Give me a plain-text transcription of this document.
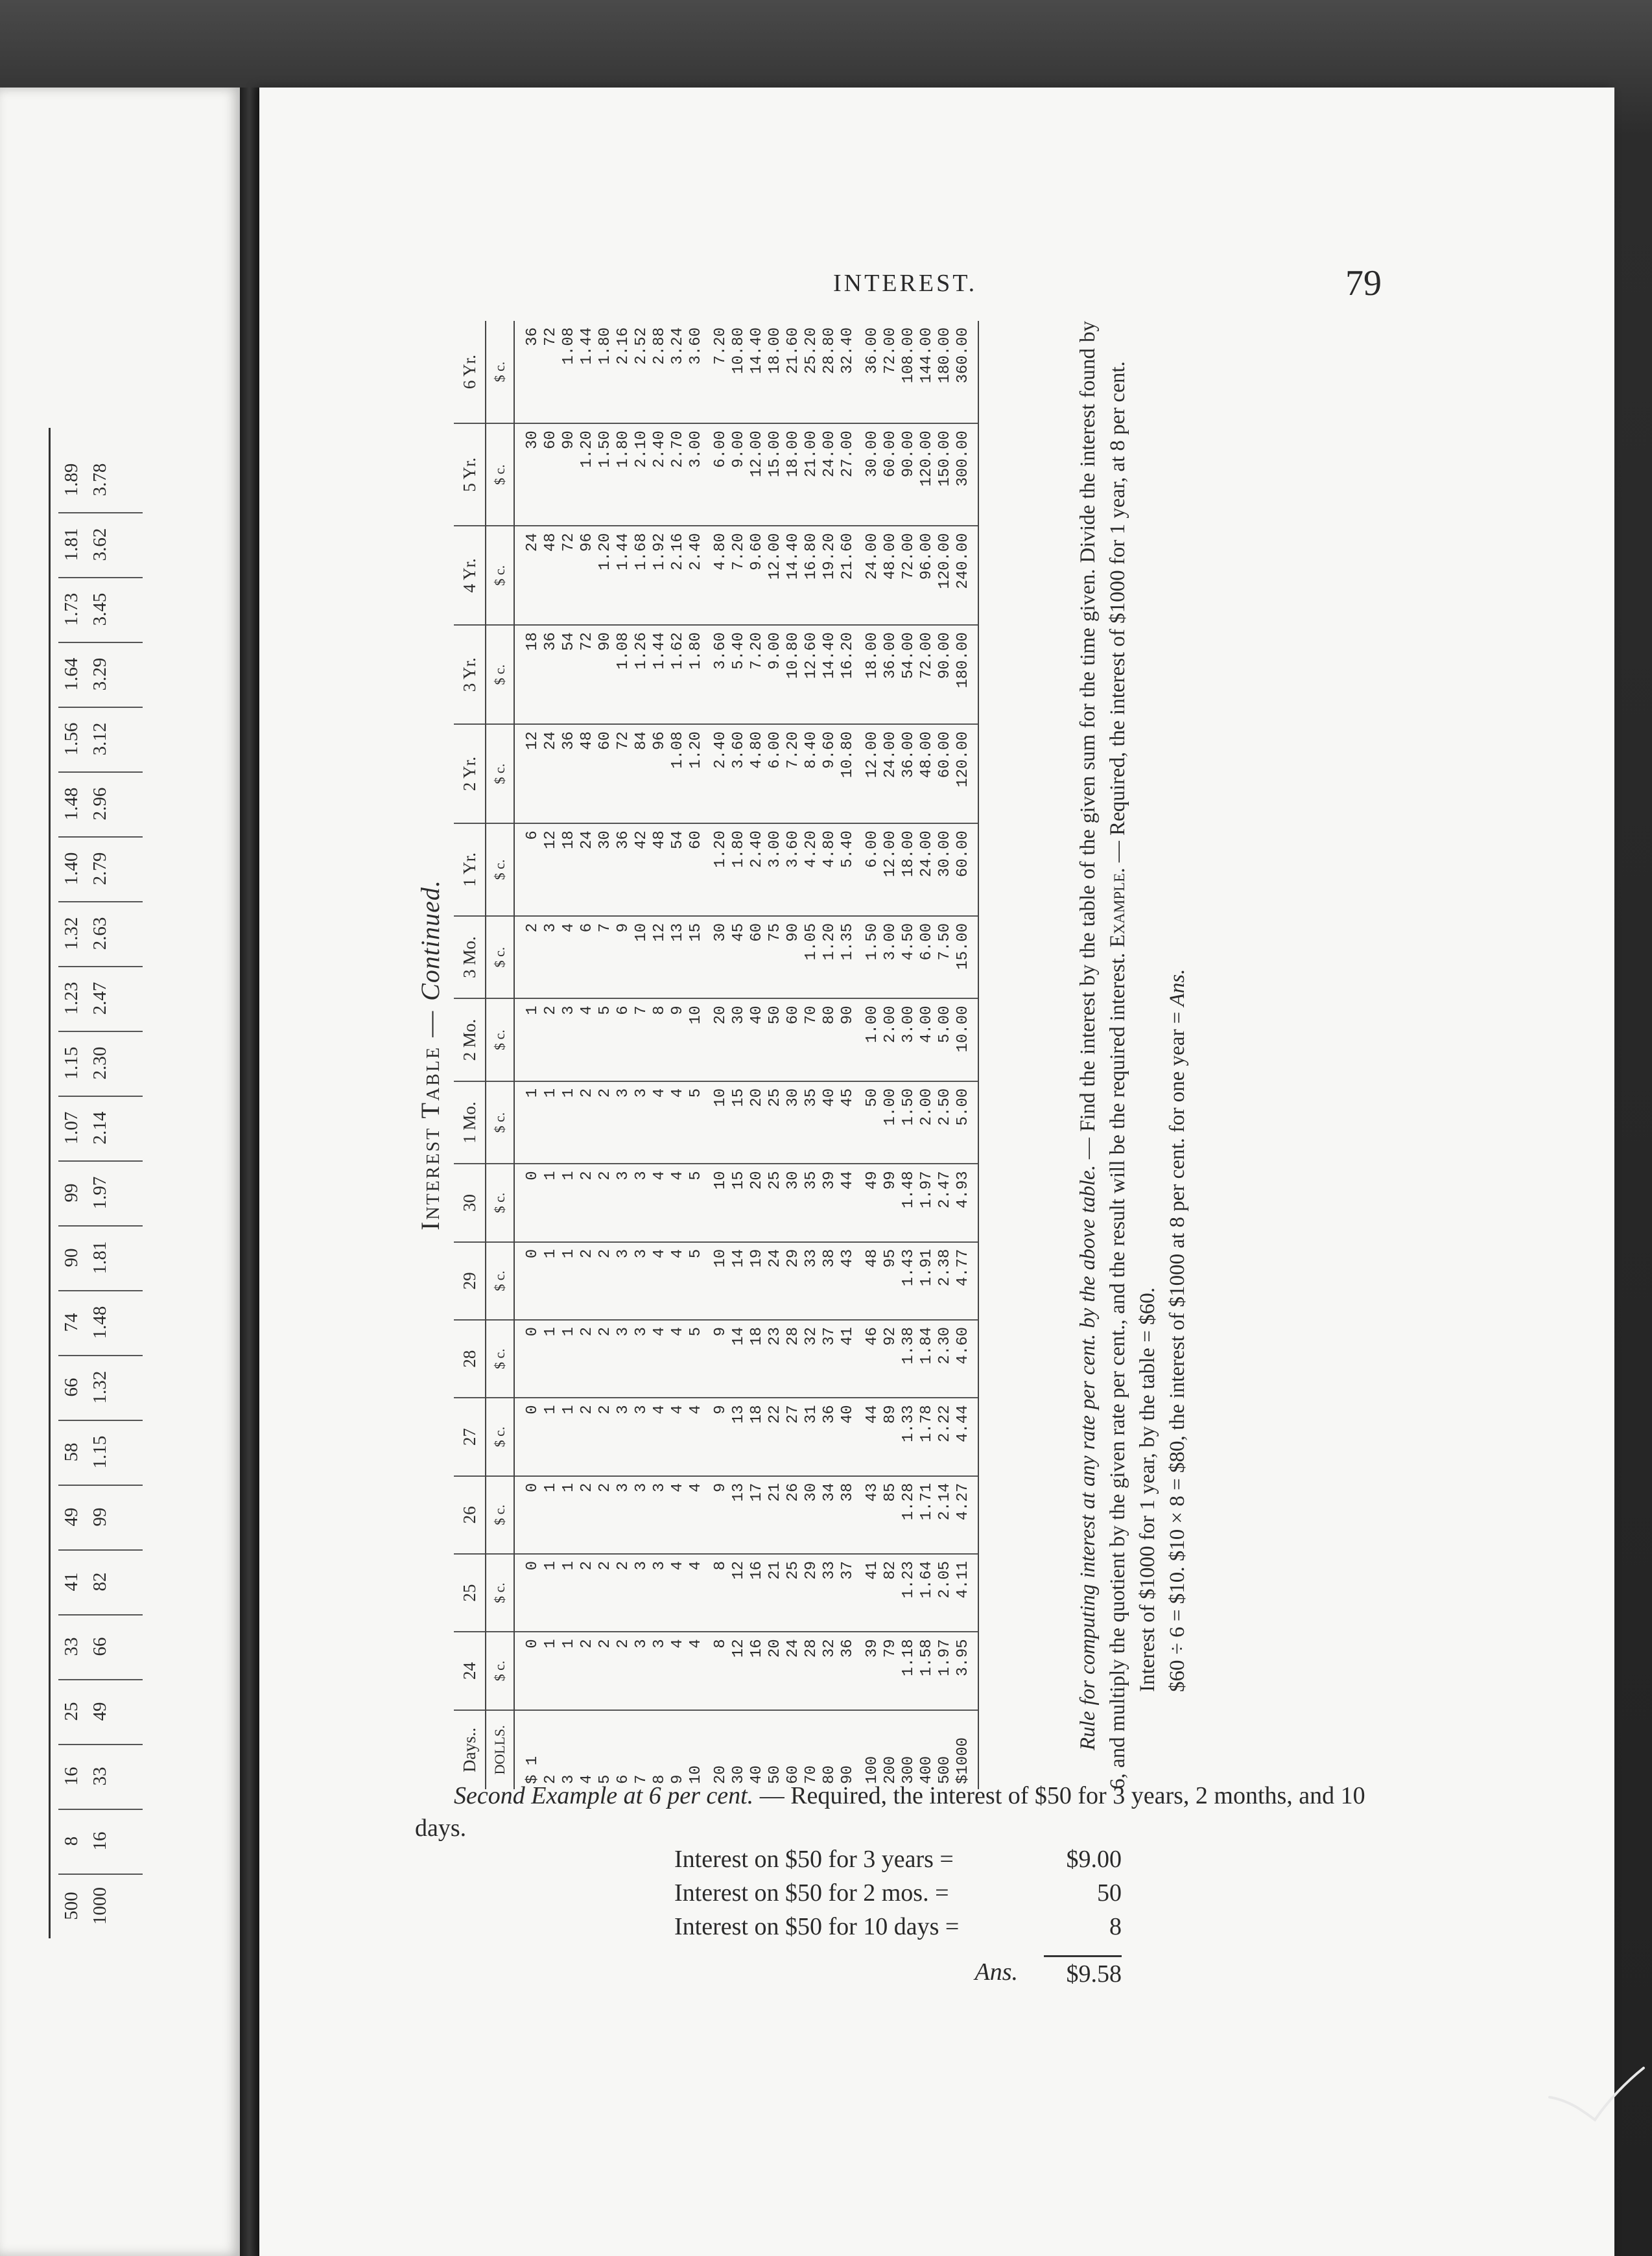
500 1000
8 16
16 33
25 49
33 66
41 82
49 99
58 1.15
66 1.32
74 1.48
90 1.81
99 1.97
1.07 2.14
1.15 2.30
1.23 2.47
1.32 2.63
1.40 2.79
1.48 2.96
1.56 3.12
1.64 3.29
1.73 3.45
1.81 3.62
1.89 3.78
INTEREST.	79
Interest Table — Continued.
Days..	24	25	26	27	28	29	30	1 Mo.	2 Mo.	3 Mo.	1 Yr.	2 Yr.	3 Yr.	4 Yr.	5 Yr.	6 Yr.
DOLLS.	$ c.	$ c.	$ c.	$ c.	$ c.	$ c.	$ c.	$ c.	$ c.	$ c.	$ c.	$ c.	$ c.	$ c.	$ c.	$ c.
$ 1	0	0	0	0	0	0	0	1	1	2	6	12	18	24	30	36
2	1	1	1	1	1	1	1	1	2	3	12	24	36	48	60	72
3	1	1	1	1	1	1	1	1	3	4	18	36	54	72	90	1.08
4	2	2	2	2	2	2	2	2	4	6	24	48	72	96	1.20	1.44
5	2	2	2	2	2	2	2	2	5	7	30	60	90	1.20	1.50	1.80
6	2	2	3	3	3	3	3	3	6	9	36	72	1.08	1.44	1.80	2.16
7	3	3	3	3	3	3	3	3	7	10	42	84	1.26	1.68	2.10	2.52
8	3	3	3	4	4	4	4	4	8	12	48	96	1.44	1.92	2.40	2.88
9	4	4	4	4	4	4	4	4	9	13	54	1.08	1.62	2.16	2.70	3.24
10	4	4	4	4	5	5	5	5	10	15	60	1.20	1.80	2.40	3.00	3.60
20	8	8	9	9	9	10	10	10	20	30	1.20	2.40	3.60	4.80	6.00	7.20
30	12	12	13	13	14	14	15	15	30	45	1.80	3.60	5.40	7.20	9.00	10.80
40	16	16	17	18	18	19	20	20	40	60	2.40	4.80	7.20	9.60	12.00	14.40
50	20	21	21	22	23	24	25	25	50	75	3.00	6.00	9.00	12.00	15.00	18.00
60	24	25	26	27	28	29	30	30	60	90	3.60	7.20	10.80	14.40	18.00	21.60
70	28	29	30	31	32	33	35	35	70	1.05	4.20	8.40	12.60	16.80	21.00	25.20
80	32	33	34	36	37	38	39	40	80	1.20	4.80	9.60	14.40	19.20	24.00	28.80
90	36	37	38	40	41	43	44	45	90	1.35	5.40	10.80	16.20	21.60	27.00	32.40
100	39	41	43	44	46	48	49	50	1.00	1.50	6.00	12.00	18.00	24.00	30.00	36.00
200	79	82	85	89	92	95	99	1.00	2.00	3.00	12.00	24.00	36.00	48.00	60.00	72.00
300	1.18	1.23	1.28	1.33	1.38	1.43	1.48	1.50	3.00	4.50	18.00	36.00	54.00	72.00	90.00	108.00
400	1.58	1.64	1.71	1.78	1.84	1.91	1.97	2.00	4.00	6.00	24.00	48.00	72.00	96.00	120.00	144.00
500	1.97	2.05	2.14	2.22	2.30	2.38	2.47	2.50	5.00	7.50	30.00	60.00	90.00	120.00	150.00	180.00
$1000	3.95	4.11	4.27	4.44	4.60	4.77	4.93	5.00	10.00	15.00	60.00	120.00	180.00	240.00	300.00	360.00
Rule for computing interest at any rate per cent. by the above table. — Find the interest by the table of the given sum for the time given. Divide the interest found by 6, and multiply the quotient by the given rate per cent., and the result will be the required interest. Example. — Required, the interest of $1000 for 1 year, at 8 per cent.
Interest of $1000 for 1 year, by the table = $60. $60 ÷ 6 = $10. $10 × 8 = $80, the interest of $1000 at 8 per cent. for one year = Ans.
Second Example at 6 per cent. — Required, the interest of $50 for 3 years, 2 months, and 10 days.
Interest on $50 for 3 years =	$9.00
Interest on $50 for 2 mos. =	50
Interest on $50 for 10 days =	8
Ans.	$9.58
